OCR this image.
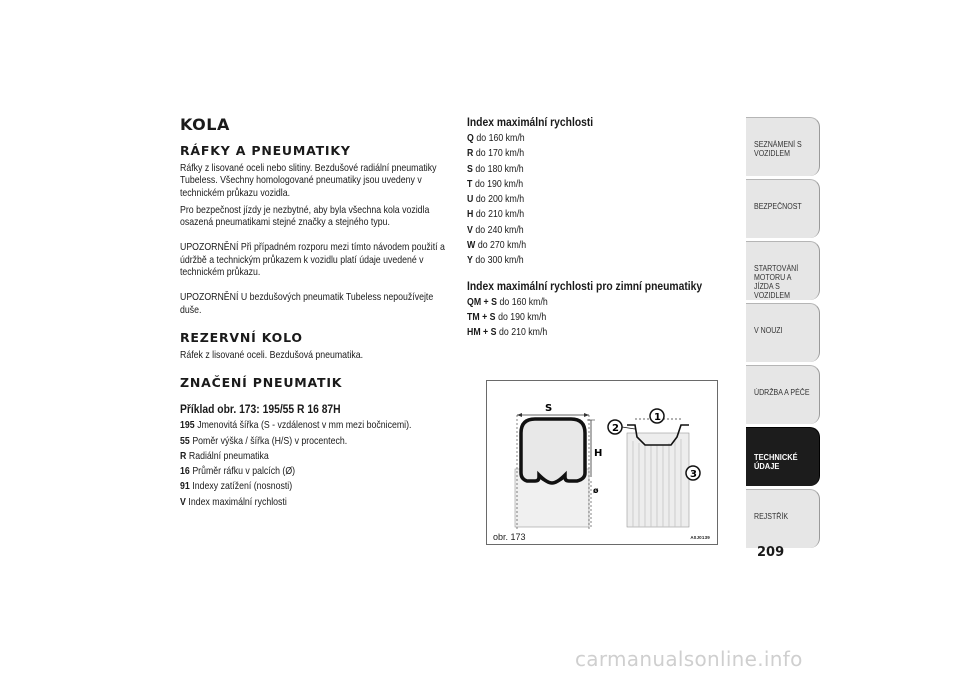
KOLA
RÁFKY A PNEUMATIKY
Ráfky z lisované oceli nebo slitiny. Bezdušové radiální pneumatiky Tubeless. Všechny homologované pneumatiky jsou uvedeny v technickém průkazu vozidla.
Pro bezpečnost jízdy je nezbytné, aby byla všechna kola vozidla osazená pneumatikami stejné značky a stejného typu.
UPOZORNĚNÍ Při případném rozporu mezi tímto návodem použití a údržbě a technickým průkazem k vozidlu platí údaje uvedené v technickém průkazu.
UPOZORNĚNÍ U bezdušových pneumatik Tubeless nepoužívejte duše.
REZERVNÍ KOLO
Ráfek z lisované oceli. Bezdušová pneumatika.
ZNAČENÍ PNEUMATIK
Příklad obr. 173: 195/55 R 16 87H
195 Jmenovitá šířka (S - vzdálenost v mm mezi bočnicemi).
55 Poměr výška / šířka (H/S) v procentech.
R Radiální pneumatika
16 Průměr ráfku v palcích (Ø)
91 Indexy zatížení (nosnosti)
V Index maximální rychlosti
Index maximální rychlosti
Q do 160 km/h
R do 170 km/h
S do 180 km/h
T do 190 km/h
U do 200 km/h
H do 210 km/h
V do 240 km/h
W do 270 km/h
Y do 300 km/h
Index maximální rychlosti pro zimní pneumatiky
QM + S do 160 km/h
TM + S do 190 km/h
HM + S do 210 km/h
S
H
ø
1
2
3
obr. 173	A0J0139
SEZNÁMENÍ S VOZIDLEM
BEZPEČNOST
STARTOVÁNÍ MOTORU A JÍZDA S VOZIDLEM
V NOUZI
ÚDRŽBA A PÉČE
TECHNICKÉ ÚDAJE
REJSTŘÍK
209
carmanualsonline.info
